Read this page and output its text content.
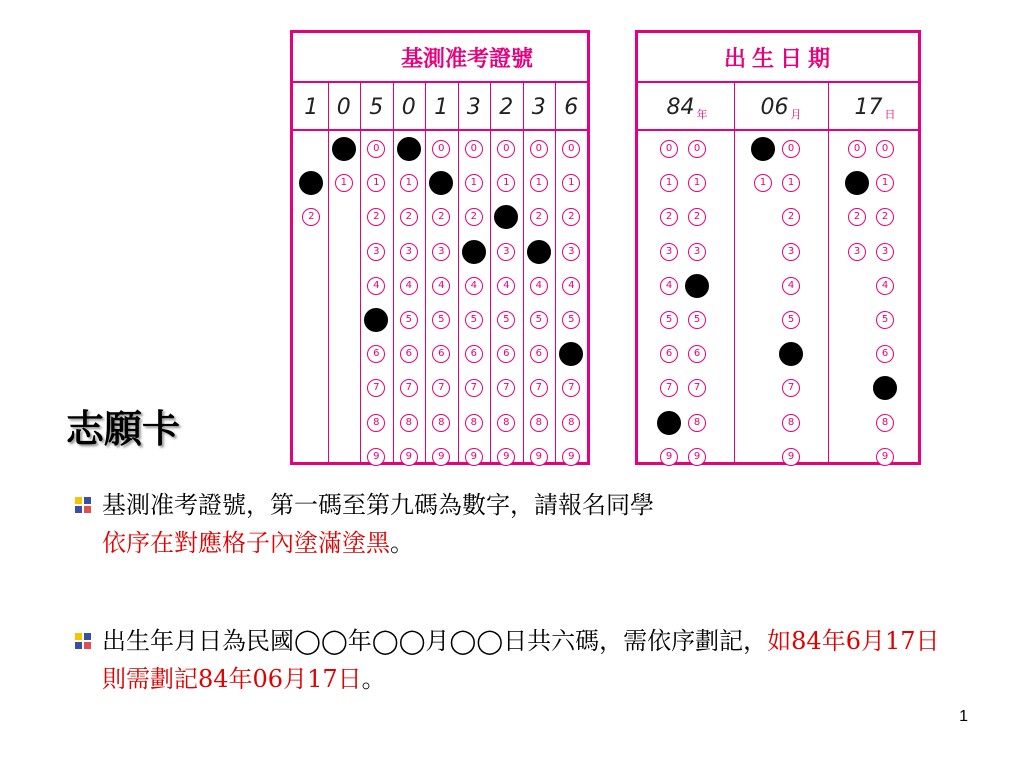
基測准考證號
1
2
0
1
5
0
1
2
3
4
6
7
8
9
0
1
2
3
4
5
6
7
8
9
1
0
2
3
4
5
6
7
8
9
3
0
1
2
4
5
6
7
8
9
2
0
1
3
4
5
6
7
8
9
3
0
1
2
4
5
6
7
8
9
6
0
1
2
3
4
5
7
8
9
出生日期
84 年
0
1
2
3
4
5
6
7
9
0
1
2
3
5
6
7
8
9
06 月
1
0
1
2
3
4
5
7
8
9
17 日
0
2
3
0
1
2
3
4
5
6
8
9
志願卡
基測准考證號，第一碼至第九碼為數字，請報名同學
依序在對應格子內塗滿塗黑。
出生年月日為民國◯◯年◯◯月◯◯日共六碼，需依序劃記，如84年6月17日則需劃記84年06月17日。
1
